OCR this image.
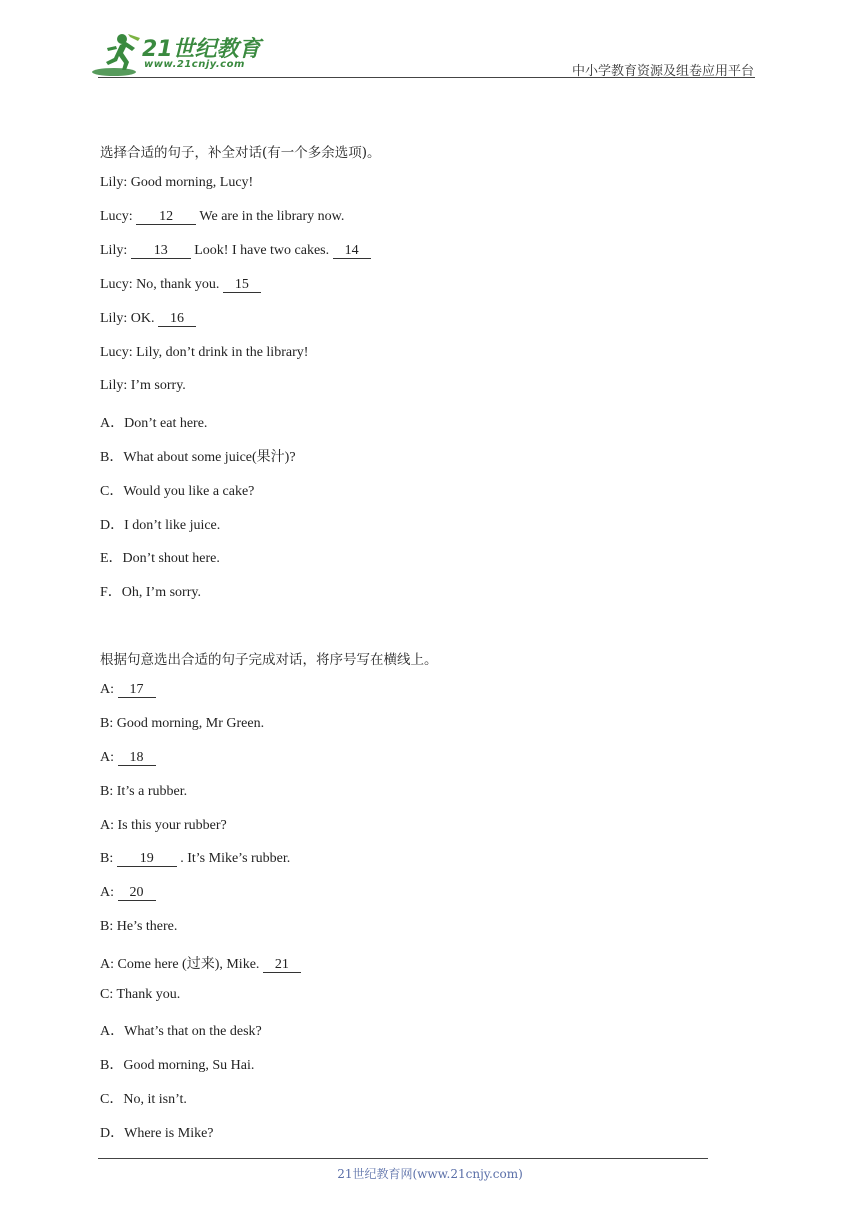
21世纪教育
www.21cnjy.com	中小学教育资源及组卷应用平台
选择合适的句子，补全对话(有一个多余选项)。
Lily: Good morning, Lucy!
Lucy: 12 We are in the library now.
Lily: 13 Look! I have two cakes. 14
Lucy: No, thank you. 15
Lily: OK. 16
Lucy: Lily, don’t drink in the library!
Lily: I’m sorry.
A．Don’t eat here.
B．What about some juice(果汁)?
C．Would you like a cake?
D．I don’t like juice.
E．Don’t shout here.
F．Oh, I’m sorry.
根据句意选出合适的句子完成对话，将序号写在横线上。
A: 17
B: Good morning, Mr Green.
A: 18
B: It’s a rubber.
A: Is this your rubber?
B: 19 . It’s Mike’s rubber.
A: 20
B: He’s there.
A: Come here (过来), Mike. 21
C: Thank you.
A．What’s that on the desk?
B．Good morning, Su Hai.
C．No, it isn’t.
D．Where is Mike?
21世纪教育网(www.21cnjy.com)
